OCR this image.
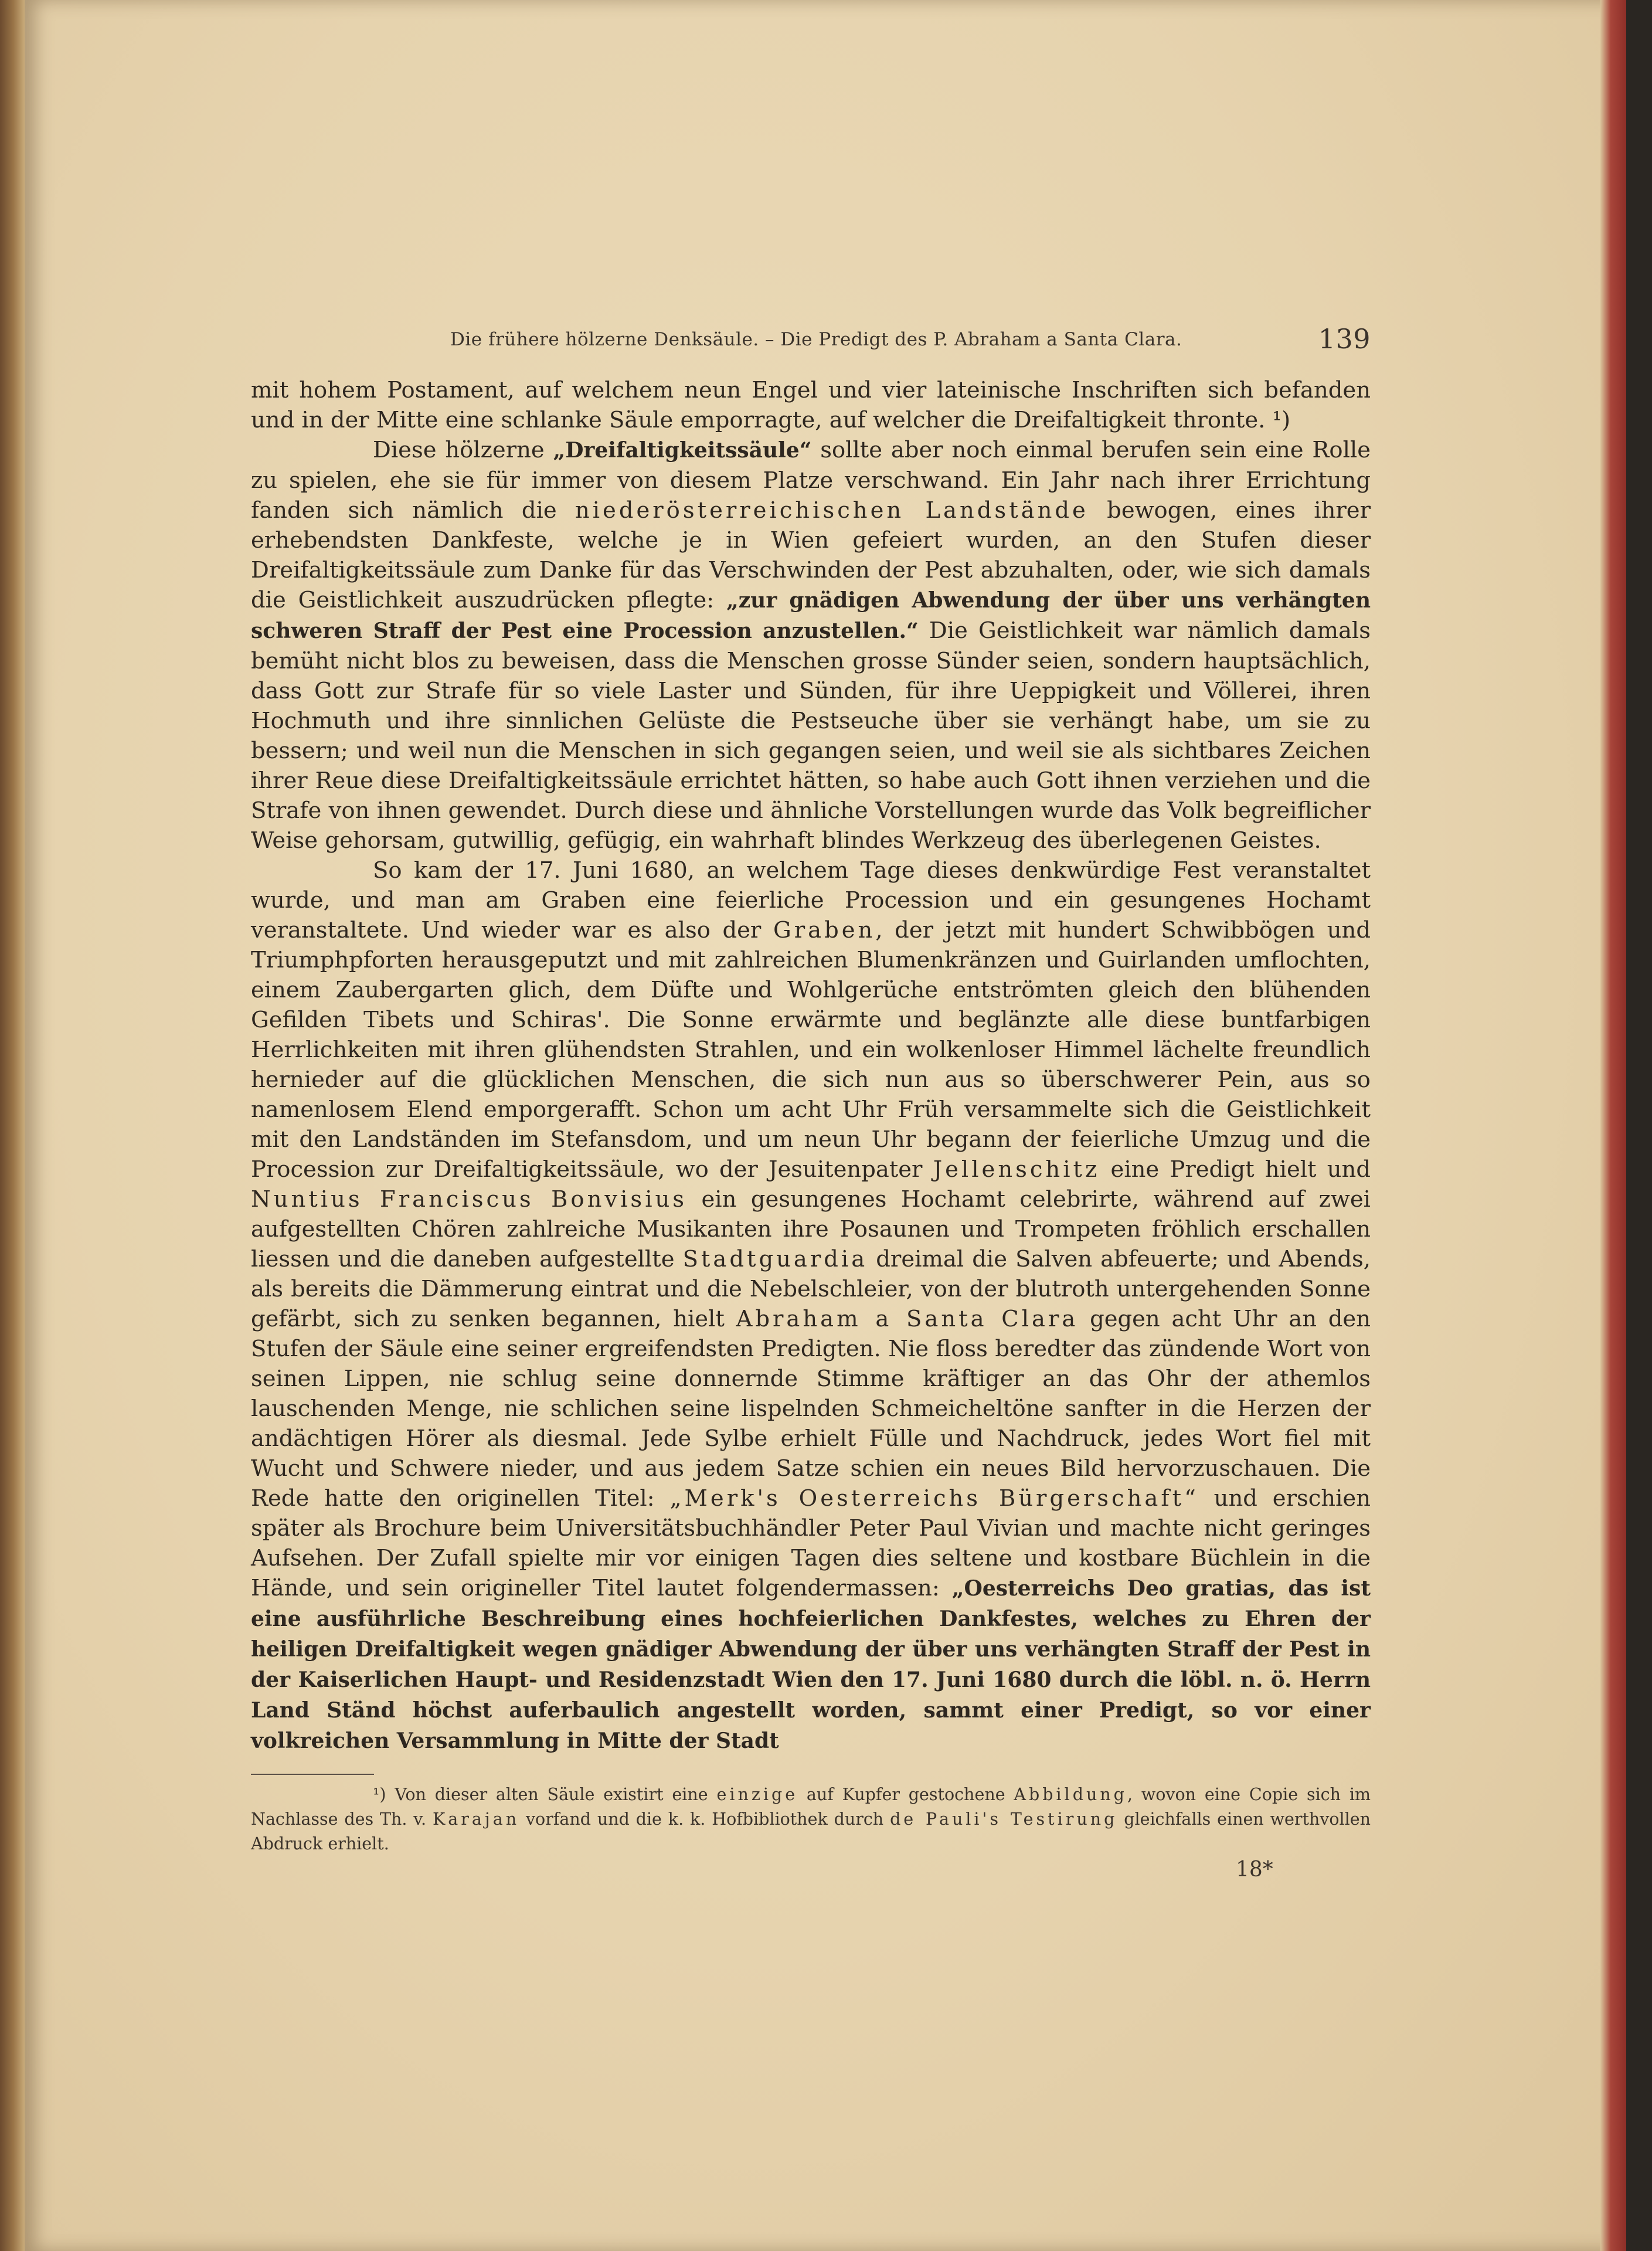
Die frühere hölzerne Denksäule. – Die Predigt des P. Abraham a Santa Clara.	139

mit hohem Postament, auf welchem neun Engel und vier lateinische Inschriften sich befanden und in der Mitte eine schlanke Säule emporragte, auf welcher die Dreifaltigkeit thronte. ¹)

Diese hölzerne „Dreifaltigkeitssäule“ sollte aber noch einmal berufen sein eine Rolle zu spielen, ehe sie für immer von diesem Platze verschwand. Ein Jahr nach ihrer Errichtung fanden sich nämlich die niederösterreichischen Landstände bewogen, eines ihrer erhebendsten Dankfeste, welche je in Wien gefeiert wurden, an den Stufen dieser Dreifaltigkeitssäule zum Danke für das Verschwinden der Pest abzuhalten, oder, wie sich damals die Geistlichkeit auszudrücken pflegte: „zur gnädigen Abwendung der über uns verhängten schweren Straff der Pest eine Procession anzustellen.“ Die Geistlichkeit war nämlich damals bemüht nicht blos zu beweisen, dass die Menschen grosse Sünder seien, sondern hauptsächlich, dass Gott zur Strafe für so viele Laster und Sünden, für ihre Ueppigkeit und Völlerei, ihren Hochmuth und ihre sinnlichen Gelüste die Pestseuche über sie verhängt habe, um sie zu bessern; und weil nun die Menschen in sich gegangen seien, und weil sie als sichtbares Zeichen ihrer Reue diese Dreifaltigkeitssäule errichtet hätten, so habe auch Gott ihnen verziehen und die Strafe von ihnen gewendet. Durch diese und ähnliche Vorstellungen wurde das Volk begreiflicher Weise gehorsam, gutwillig, gefügig, ein wahrhaft blindes Werkzeug des überlegenen Geistes.

So kam der 17. Juni 1680, an welchem Tage dieses denkwürdige Fest veranstaltet wurde, und man am Graben eine feierliche Procession und ein gesungenes Hochamt veranstaltete. Und wieder war es also der Graben, der jetzt mit hundert Schwibbögen und Triumphpforten herausgeputzt und mit zahlreichen Blumenkränzen und Guirlanden umflochten, einem Zaubergarten glich, dem Düfte und Wohlgerüche entströmten gleich den blühenden Gefilden Tibets und Schiras'. Die Sonne erwärmte und beglänzte alle diese buntfarbigen Herrlichkeiten mit ihren glühendsten Strahlen, und ein wolkenloser Himmel lächelte freundlich hernieder auf die glücklichen Menschen, die sich nun aus so überschwerer Pein, aus so namenlosem Elend emporgerafft. Schon um acht Uhr Früh versammelte sich die Geistlichkeit mit den Landständen im Stefansdom, und um neun Uhr begann der feierliche Umzug und die Procession zur Dreifaltigkeitssäule, wo der Jesuitenpater Jellenschitz eine Predigt hielt und Nuntius Franciscus Bonvisius ein gesungenes Hochamt celebrirte, während auf zwei aufgestellten Chören zahlreiche Musikanten ihre Posaunen und Trompeten fröhlich erschallen liessen und die daneben aufgestellte Stadtguardia dreimal die Salven abfeuerte; und Abends, als bereits die Dämmerung eintrat und die Nebelschleier, von der blutroth untergehenden Sonne gefärbt, sich zu senken begannen, hielt Abraham a Santa Clara gegen acht Uhr an den Stufen der Säule eine seiner ergreifendsten Predigten. Nie floss beredter das zündende Wort von seinen Lippen, nie schlug seine donnernde Stimme kräftiger an das Ohr der athemlos lauschenden Menge, nie schlichen seine lispelnden Schmeicheltöne sanfter in die Herzen der andächtigen Hörer als diesmal. Jede Sylbe erhielt Fülle und Nachdruck, jedes Wort fiel mit Wucht und Schwere nieder, und aus jedem Satze schien ein neues Bild hervorzuschauen. Die Rede hatte den originellen Titel: „Merk's Oesterreichs Bürgerschaft“ und erschien später als Brochure beim Universitätsbuchhändler Peter Paul Vivian und machte nicht geringes Aufsehen. Der Zufall spielte mir vor einigen Tagen dies seltene und kostbare Büchlein in die Hände, und sein origineller Titel lautet folgendermassen: „Oesterreichs Deo gratias, das ist eine ausführliche Beschreibung eines hochfeierlichen Dankfestes, welches zu Ehren der heiligen Dreifaltigkeit wegen gnädiger Abwendung der über uns verhängten Straff der Pest in der Kaiserlichen Haupt- und Residenzstadt Wien den 17. Juni 1680 durch die löbl. n. ö. Herrn Land Ständ höchst auferbaulich angestellt worden, sammt einer Predigt, so vor einer volkreichen Versammlung in Mitte der Stadt

¹) Von dieser alten Säule existirt eine einzige auf Kupfer gestochene Abbildung, wovon eine Copie sich im Nachlasse des Th. v. Karajan vorfand und die k. k. Hofbibliothek durch de Pauli's Testirung gleichfalls einen werthvollen Abdruck erhielt.
18*
